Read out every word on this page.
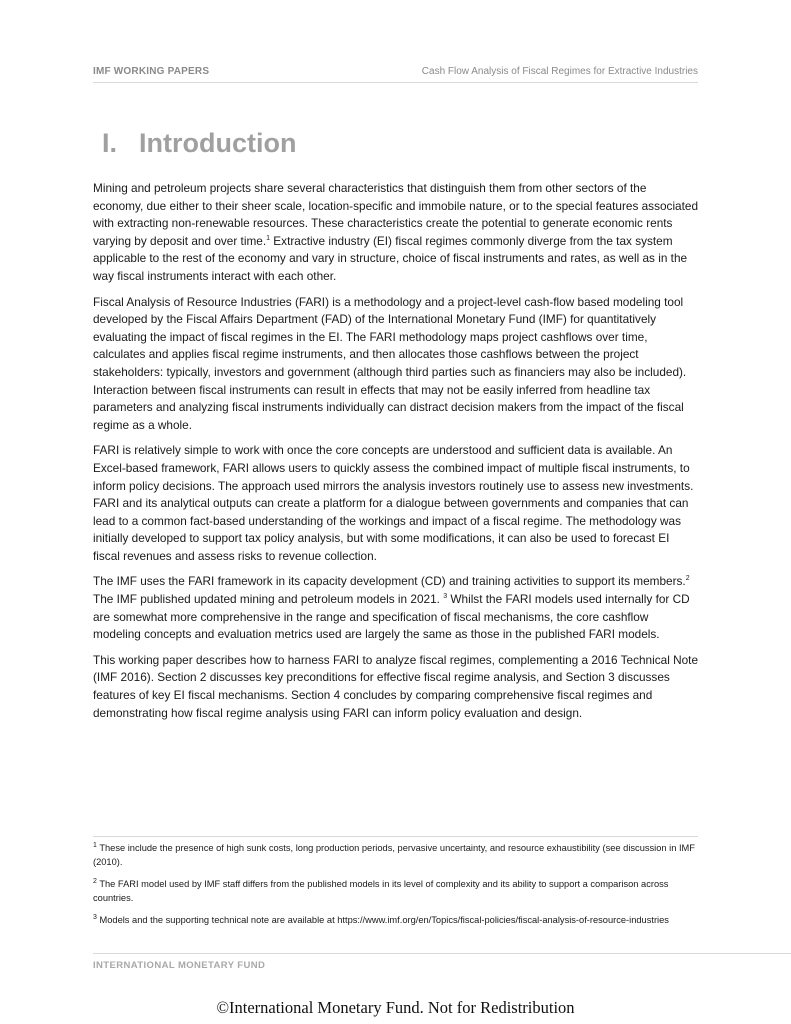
IMF WORKING PAPERS	Cash Flow Analysis of Fiscal Regimes for Extractive Industries
I. Introduction

Mining and petroleum projects share several characteristics that distinguish them from other sectors of the economy, due either to their sheer scale, location-specific and immobile nature, or to the special features associated with extracting non-renewable resources. These characteristics create the potential to generate economic rents varying by deposit and over time.$^1$ Extractive industry (EI) fiscal regimes commonly diverge from the tax system applicable to the rest of the economy and vary in structure, choice of fiscal instruments and rates, as well as in the way fiscal instruments interact with each other.

Fiscal Analysis of Resource Industries (FARI) is a methodology and a project-level cash-flow based modeling tool developed by the Fiscal Affairs Department (FAD) of the International Monetary Fund (IMF) for quantitatively evaluating the impact of fiscal regimes in the EI. The FARI methodology maps project cashflows over time, calculates and applies fiscal regime instruments, and then allocates those cashflows between the project stakeholders: typically, investors and government (although third parties such as financiers may also be included). Interaction between fiscal instruments can result in effects that may not be easily inferred from headline tax parameters and analyzing fiscal instruments individually can distract decision makers from the impact of the fiscal regime as a whole.

FARI is relatively simple to work with once the core concepts are understood and sufficient data is available. An Excel-based framework, FARI allows users to quickly assess the combined impact of multiple fiscal instruments, to inform policy decisions. The approach used mirrors the analysis investors routinely use to assess new investments. FARI and its analytical outputs can create a platform for a dialogue between governments and companies that can lead to a common fact-based understanding of the workings and impact of a fiscal regime. The methodology was initially developed to support tax policy analysis, but with some modifications, it can also be used to forecast EI fiscal revenues and assess risks to revenue collection.

The IMF uses the FARI framework in its capacity development (CD) and training activities to support its members.$^2$ The IMF published updated mining and petroleum models in 2021. $^3$ Whilst the FARI models used internally for CD are somewhat more comprehensive in the range and specification of fiscal mechanisms, the core cashflow modeling concepts and evaluation metrics used are largely the same as those in the published FARI models.

This working paper describes how to harness FARI to analyze fiscal regimes, complementing a 2016 Technical Note (IMF 2016). Section 2 discusses key preconditions for effective fiscal regime analysis, and Section 3 discusses features of key EI fiscal mechanisms. Section 4 concludes by comparing comprehensive fiscal regimes and demonstrating how fiscal regime analysis using FARI can inform policy evaluation and design.

$^1$ These include the presence of high sunk costs, long production periods, pervasive uncertainty, and resource exhaustibility (see discussion in IMF (2010).

$^2$ The FARI model used by IMF staff differs from the published models in its level of complexity and its ability to support a comparison across countries.

$^3$ Models and the supporting technical note are available at https://www.imf.org/en/Topics/fiscal-policies/fiscal-analysis-of-resource-industries

INTERNATIONAL MONETARY FUND
©International Monetary Fund. Not for Redistribution
